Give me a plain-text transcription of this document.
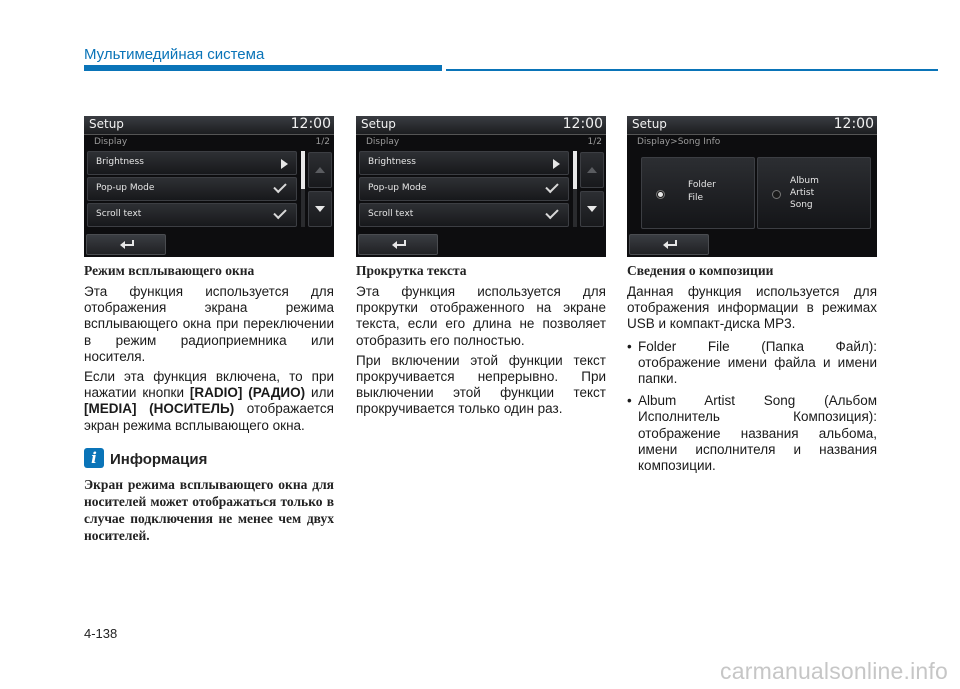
Мультимедийная система
Setup	12:00
Display	1/2
Brightness
Pop-up Mode
Scroll text
Режим всплывающего окна
Эта функция используется для отображения экрана режима всплывающего окна при переключении в режим радиоприемника или носителя.
Если эта функция включена, то при нажатии кнопки [RADIO] (РАДИО) или [MEDIA] (НОСИТЕЛЬ) отображается экран режима всплывающего окна.
i Информация
Экран режима всплывающего окна для носителей может отображаться только в случае подключения не менее чем двух носителей.
Setup	12:00
Display	1/2
Brightness
Pop-up Mode
Scroll text
Прокрутка текста
Эта функция используется для прокрутки отображенного на экране текста, если его длина не позволяет отобразить его полностью.
При включении этой функции текст прокручивается непрерывно. При выключении этой функции текст прокручивается только один раз.
Setup	12:00
Display>Song Info
Folder
File
Album
Artist
Song
Сведения о композиции
Данная функция используется для отображения информации в режимах USB и компакт-диска MP3.
• Folder File (Папка Файл): отображение имени файла и имени папки.
• Album Artist Song (Альбом Исполнитель Композиция): отображение названия альбома, имени исполнителя и названия композиции.
4-138
carmanualsonline.info
